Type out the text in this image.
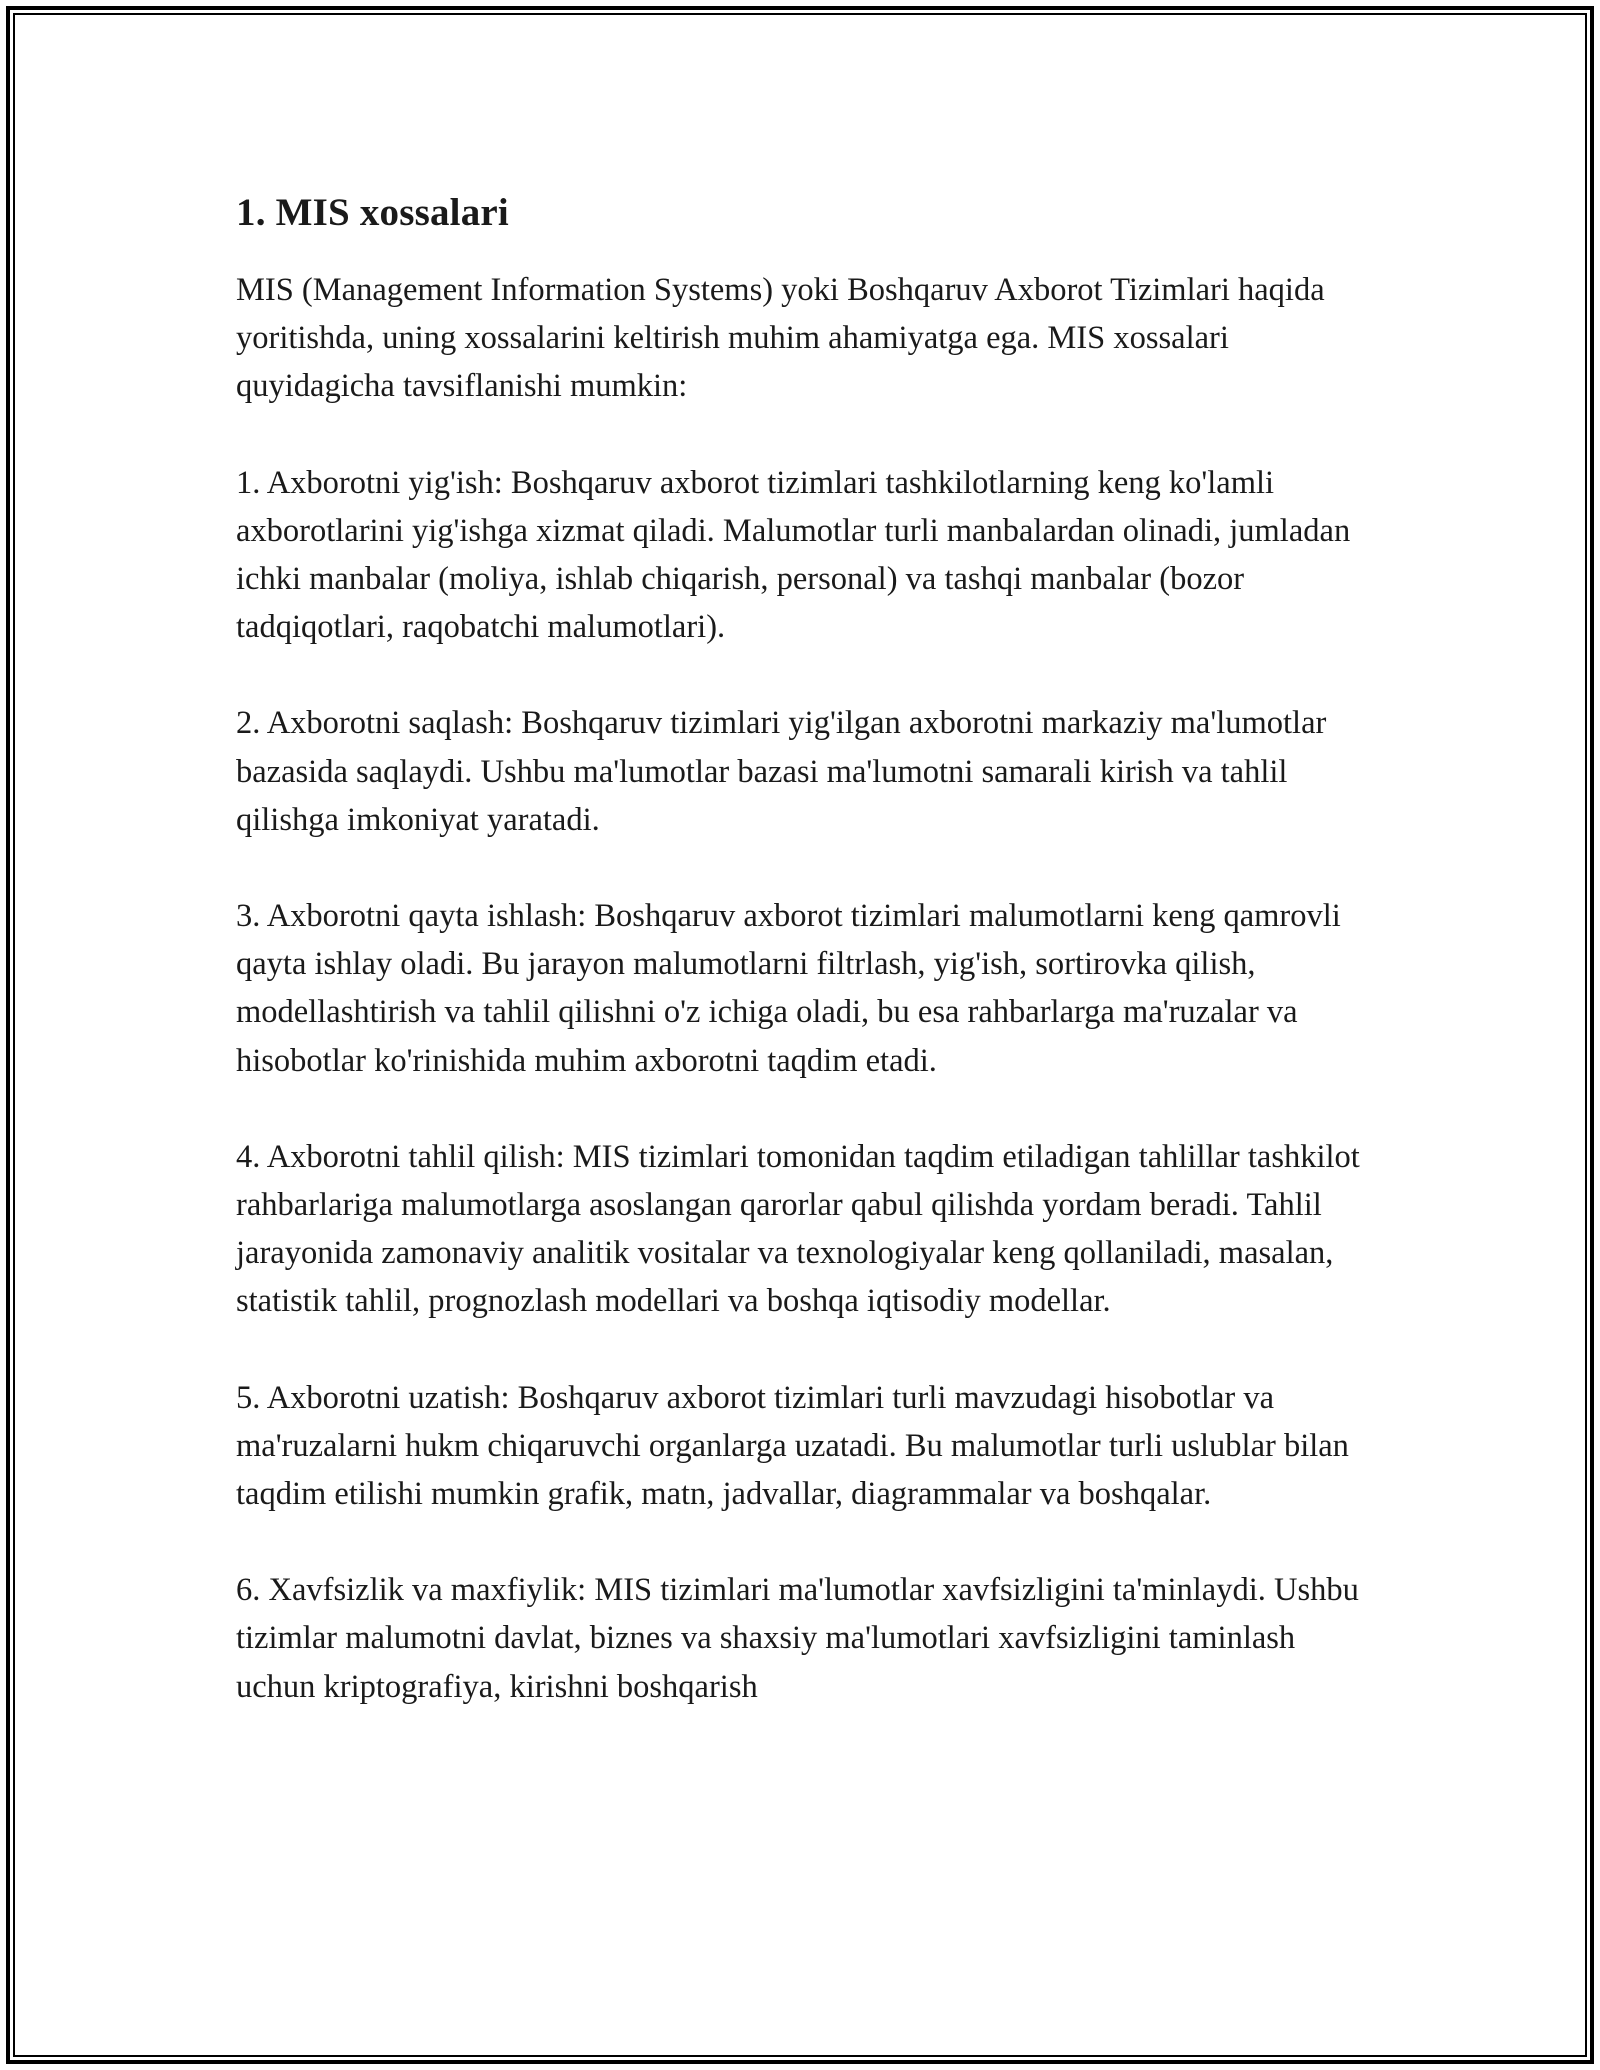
1. MIS xossalari

MIS (Management Information Systems) yoki Boshqaruv Axborot Tizimlari haqida yoritishda, uning xossalarini keltirish muhim ahamiyatga ega. MIS xossalari quyidagicha tavsiflanishi mumkin:

1. Axborotni yig'ish: Boshqaruv axborot tizimlari tashkilotlarning keng ko'lamli axborotlarini yig'ishga xizmat qiladi. Malumotlar turli manbalardan olinadi, jumladan ichki manbalar (moliya, ishlab chiqarish, personal) va tashqi manbalar (bozor tadqiqotlari, raqobatchi malumotlari).

2. Axborotni saqlash: Boshqaruv tizimlari yig'ilgan axborotni markaziy ma'lumotlar bazasida saqlaydi. Ushbu ma'lumotlar bazasi ma'lumotni samarali kirish va tahlil qilishga imkoniyat yaratadi.

3. Axborotni qayta ishlash: Boshqaruv axborot tizimlari malumotlarni keng qamrovli qayta ishlay oladi. Bu jarayon malumotlarni filtrlash, yig'ish, sortirovka qilish, modellashtirish va tahlil qilishni o'z ichiga oladi, bu esa rahbarlarga ma'ruzalar va hisobotlar ko'rinishida muhim axborotni taqdim etadi.

4. Axborotni tahlil qilish: MIS tizimlari tomonidan taqdim etiladigan tahlillar tashkilot rahbarlariga malumotlarga asoslangan qarorlar qabul qilishda yordam beradi. Tahlil jarayonida zamonaviy analitik vositalar va texnologiyalar keng qollaniladi, masalan, statistik tahlil, prognozlash modellari va boshqa iqtisodiy modellar.

5. Axborotni uzatish: Boshqaruv axborot tizimlari turli mavzudagi hisobotlar va ma'ruzalarni hukm chiqaruvchi organlarga uzatadi. Bu malumotlar turli uslublar bilan taqdim etilishi mumkin grafik, matn, jadvallar, diagrammalar va boshqalar.

6. Xavfsizlik va maxfiylik: MIS tizimlari ma'lumotlar xavfsizligini ta'minlaydi. Ushbu tizimlar malumotni davlat, biznes va shaxsiy ma'lumotlari xavfsizligini taminlash uchun kriptografiya, kirishni boshqarish
